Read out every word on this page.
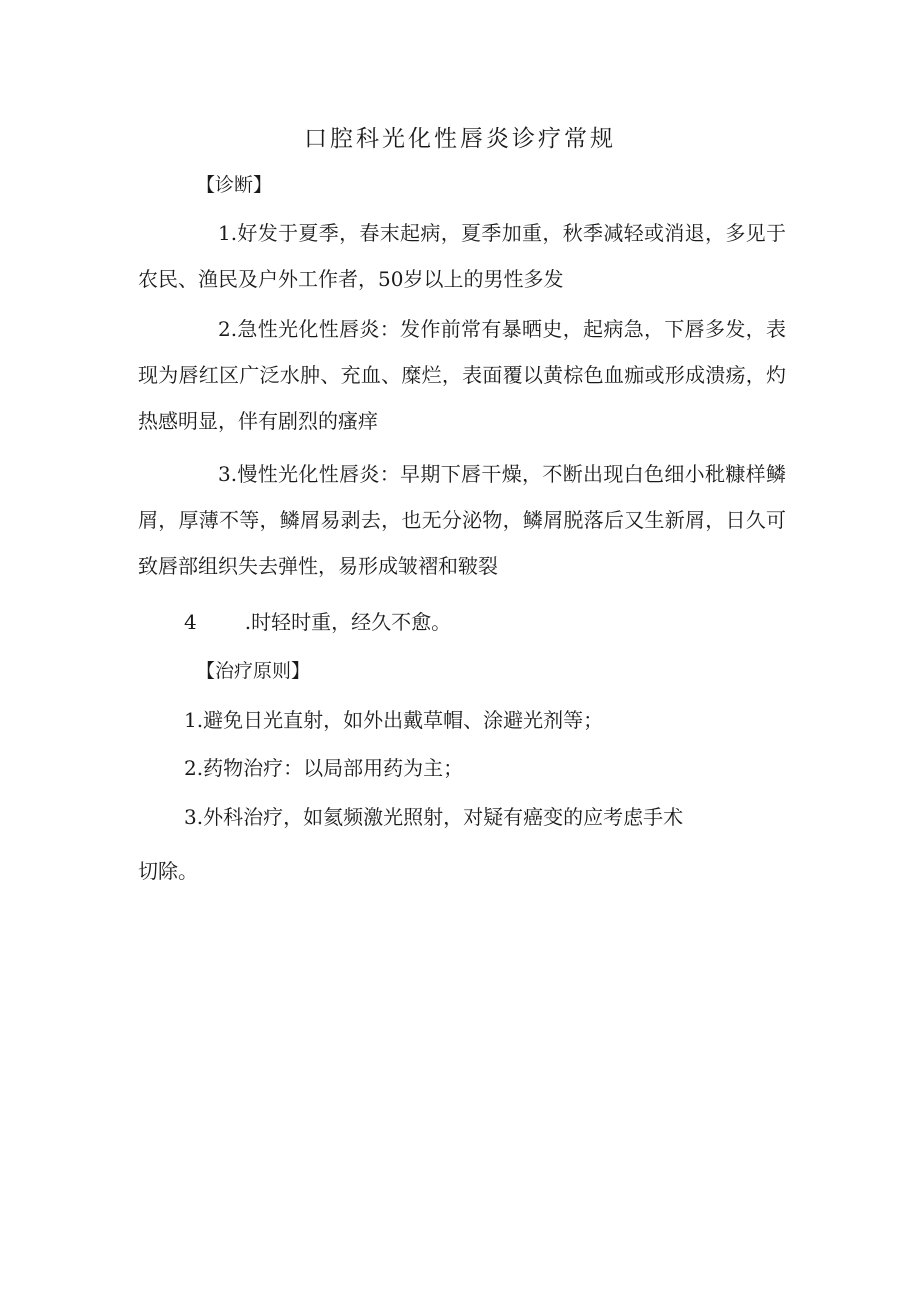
口腔科光化性唇炎诊疗常规
【诊断】
1.好发于夏季，春末起病，夏季加重，秋季减轻或消退，多见于农民、渔民及户外工作者，50岁以上的男性多发
2.急性光化性唇炎：发作前常有暴晒史，起病急，下唇多发，表现为唇红区广泛水肿、充血、糜烂，表面覆以黄棕色血痂或形成溃疡，灼热感明显，伴有剧烈的瘙痒
3.慢性光化性唇炎：早期下唇干燥，不断出现白色细小秕糠样鳞屑，厚薄不等，鳞屑易剥去，也无分泌物，鳞屑脱落后又生新屑，日久可致唇部组织失去弹性，易形成皱褶和皲裂
4 .时轻时重，经久不愈。
【治疗原则】
1.避免日光直射，如外出戴草帽、涂避光剂等；
2.药物治疗：以局部用药为主；
3.外科治疗，如氦频激光照射，对疑有癌变的应考虑手术
切除。
